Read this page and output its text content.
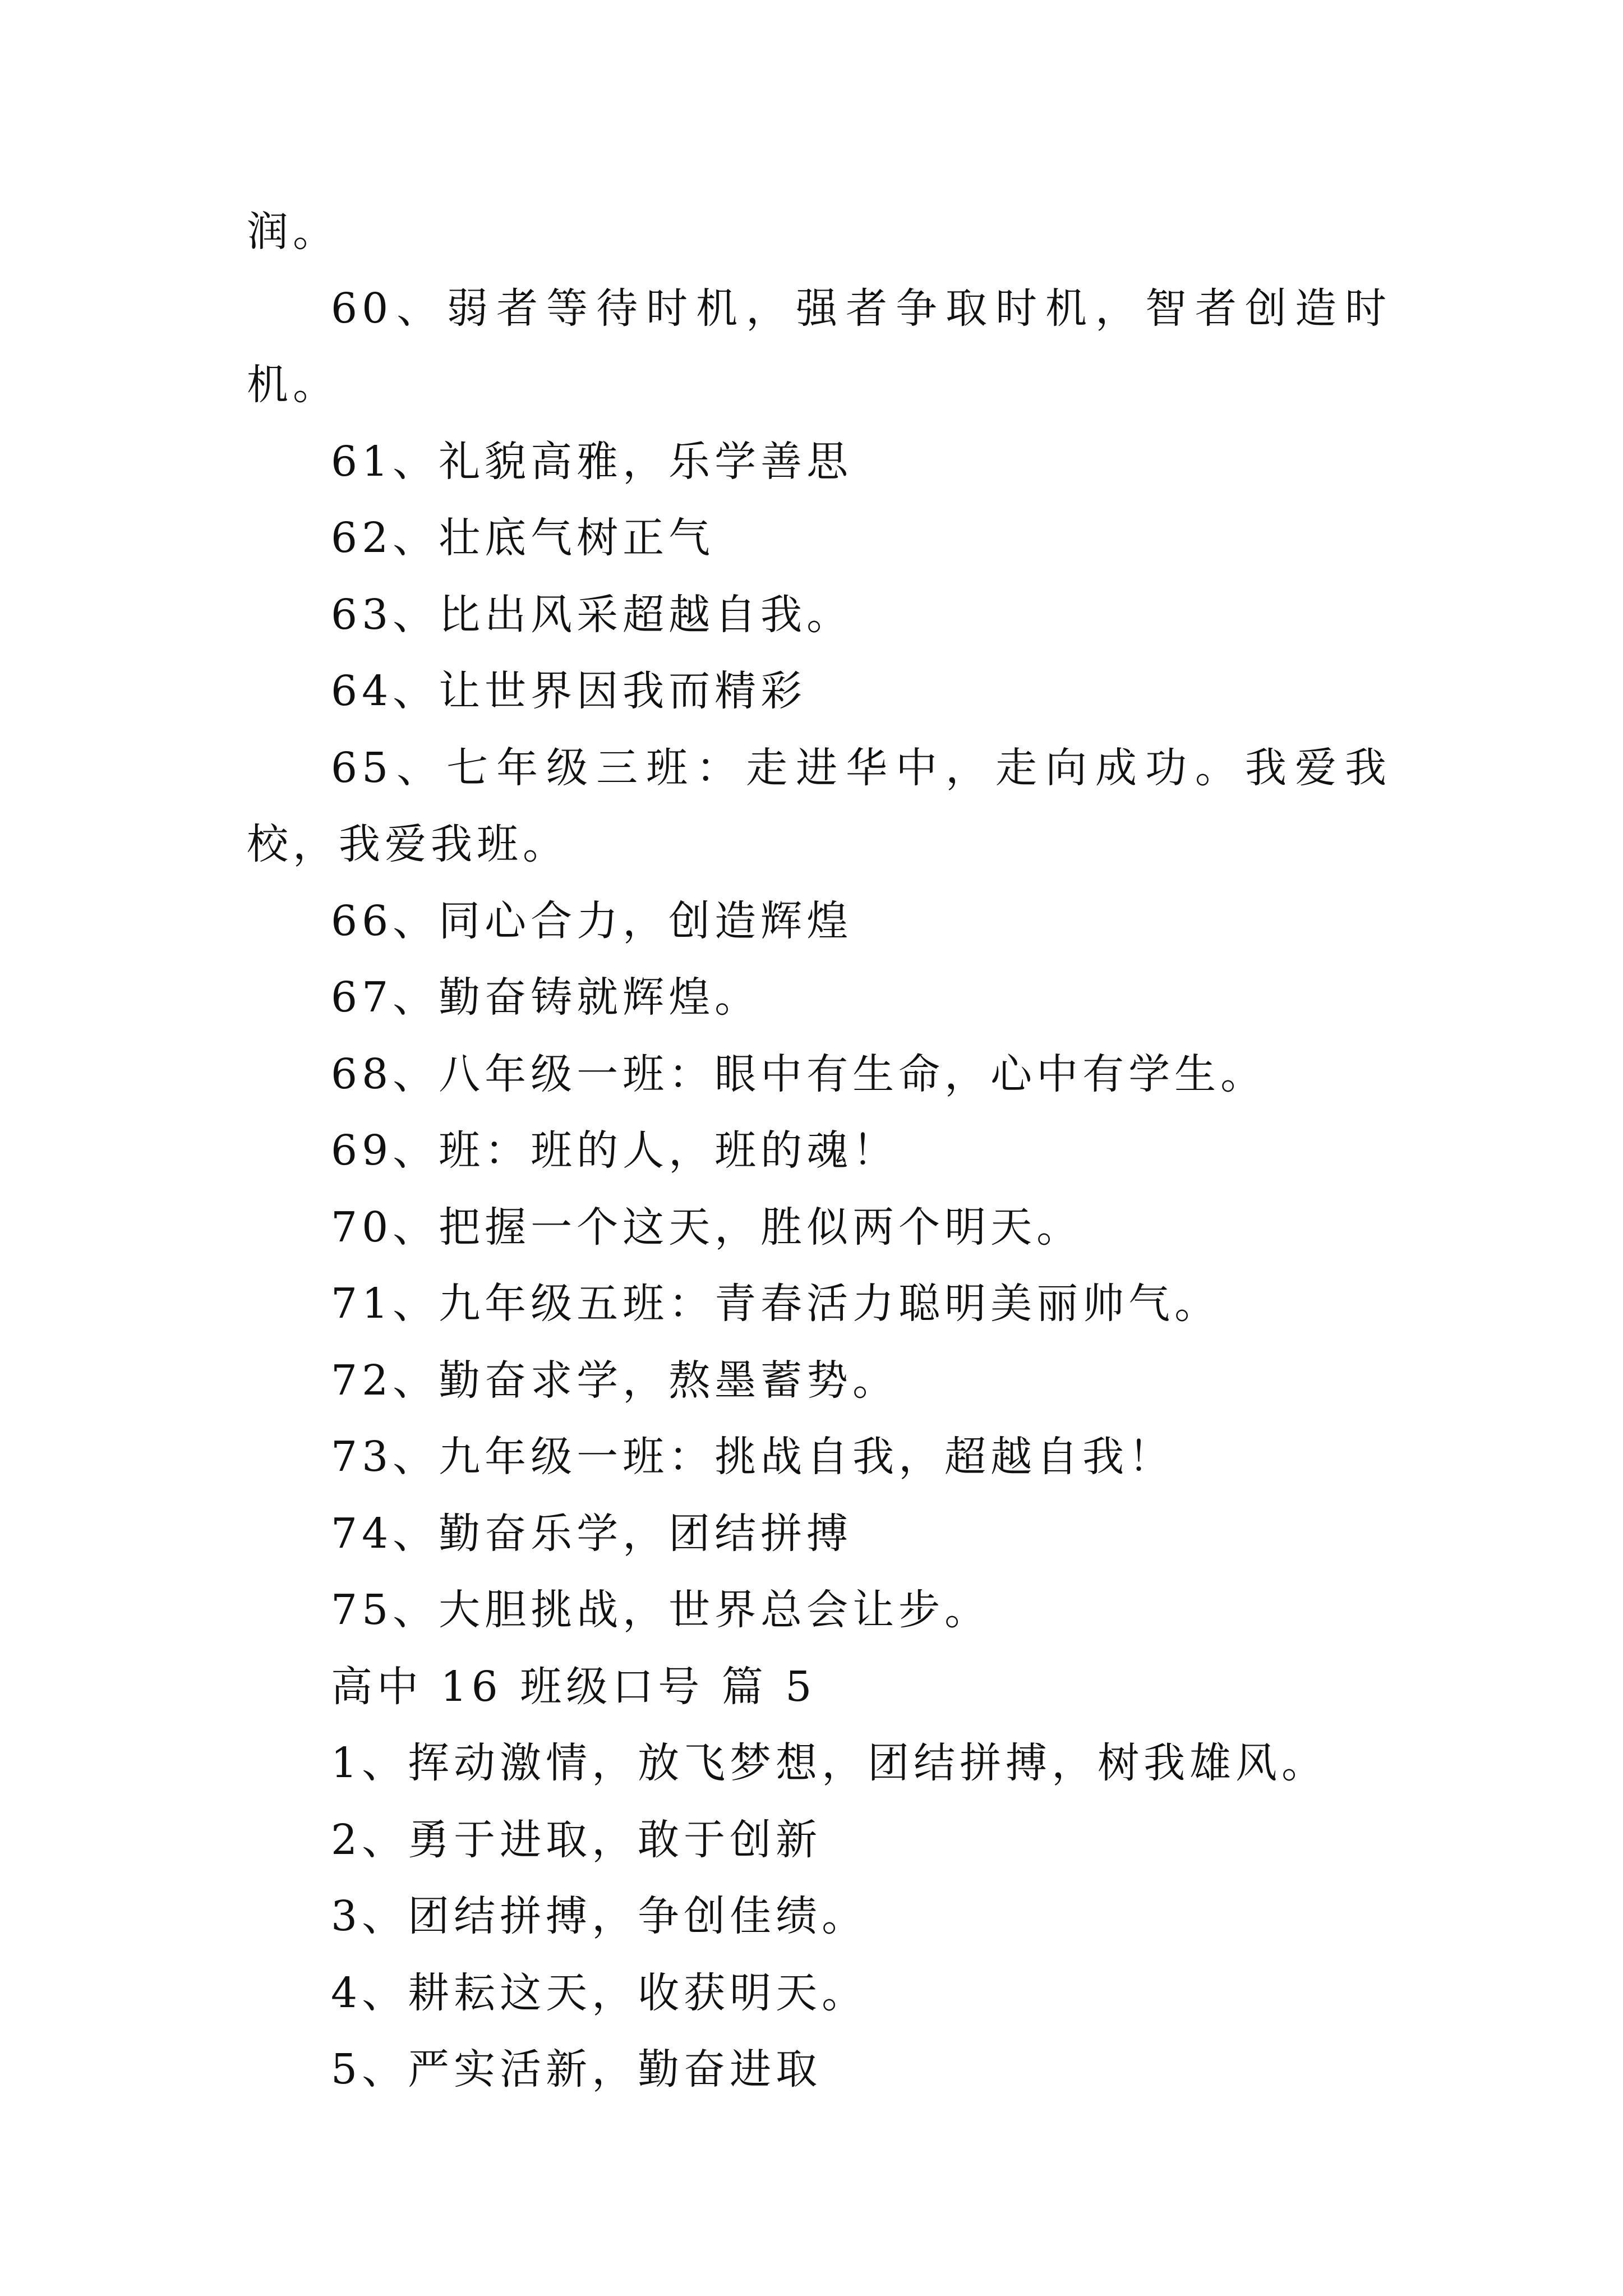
润。

60、弱者等待时机，强者争取时机，智者创造时机。

61、礼貌高雅，乐学善思

62、壮底气树正气

63、比出风采超越自我。

64、让世界因我而精彩

65、七年级三班：走进华中，走向成功。我爱我校，我爱我班。

66、同心合力，创造辉煌

67、勤奋铸就辉煌。

68、八年级一班：眼中有生命，心中有学生。

69、班：班的人，班的魂！

70、把握一个这天，胜似两个明天。

71、九年级五班：青春活力聪明美丽帅气。

72、勤奋求学，熬墨蓄势。

73、九年级一班：挑战自我，超越自我！

74、勤奋乐学，团结拼搏

75、大胆挑战，世界总会让步。

高中 16 班级口号 篇 5

1、挥动激情，放飞梦想，团结拼搏，树我雄风。

2、勇于进取，敢于创新

3、团结拼搏，争创佳绩。

4、耕耘这天，收获明天。

5、严实活新，勤奋进取
